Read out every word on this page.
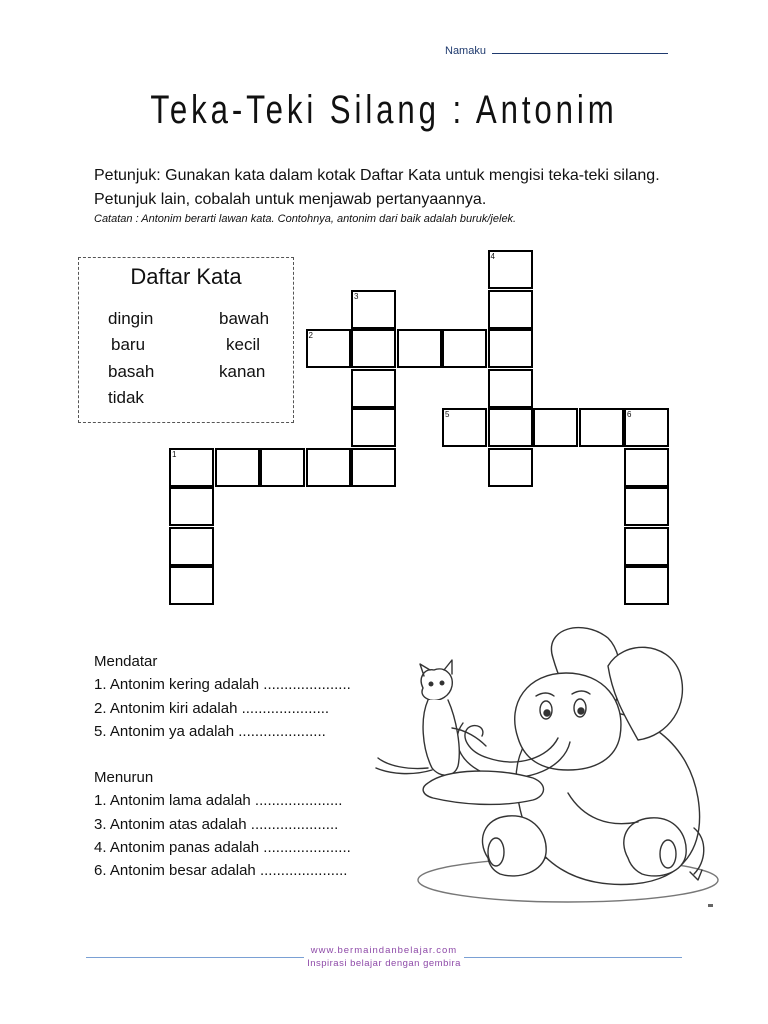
Namaku
Teka-Teki Silang : Antonim
Petunjuk: Gunakan kata dalam kotak Daftar Kata untuk mengisi teka-teki silang. Petunjuk lain, cobalah untuk menjawab pertanyaannya.
Catatan : Antonim berarti lawan kata. Contohnya, antonim dari baik adalah buruk/jelek.
Daftar Kata
dingin	bawah
baru	kecil
basah	kanan
tidak
4
3
2
5	6
1
Mendatar
1. Antonim kering adalah .....................
2. Antonim kiri adalah .....................
5. Antonim ya adalah .....................
Menurun
1. Antonim lama adalah .....................
3. Antonim atas adalah .....................
4. Antonim panas adalah .....................
6. Antonim besar adalah .....................
www.bermaindanbelajar.com
Inspirasi belajar dengan gembira
